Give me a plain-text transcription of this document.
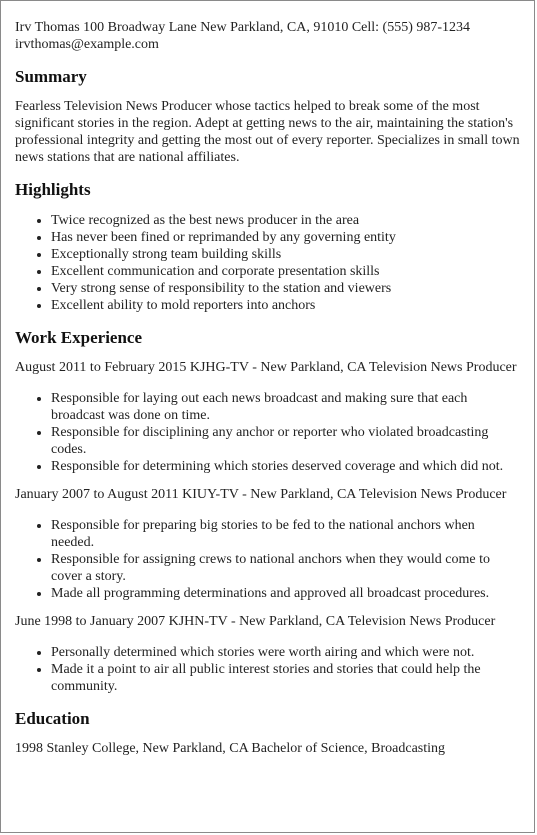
Irv Thomas 100 Broadway Lane New Parkland, CA, 91010 Cell: (555) 987-1234
irvthomas@example.com
Summary

Fearless Television News Producer whose tactics helped to break some of the most significant stories in the region. Adept at getting news to the air, maintaining the station's professional integrity and getting the most out of every reporter. Specializes in small town news stations that are national affiliates.

Highlights
• Twice recognized as the best news producer in the area
• Has never been fined or reprimanded by any governing entity
• Exceptionally strong team building skills
• Excellent communication and corporate presentation skills
• Very strong sense of responsibility to the station and viewers
• Excellent ability to mold reporters into anchors
Work Experience
August 2011 to February 2015 KJHG-TV - New Parkland, CA Television News Producer
• Responsible for laying out each news broadcast and making sure that each broadcast was done on time.
• Responsible for disciplining any anchor or reporter who violated broadcasting codes.
• Responsible for determining which stories deserved coverage and which did not.
January 2007 to August 2011 KIUY-TV - New Parkland, CA Television News Producer
• Responsible for preparing big stories to be fed to the national anchors when needed.
• Responsible for assigning crews to national anchors when they would come to cover a story.
• Made all programming determinations and approved all broadcast procedures.
June 1998 to January 2007 KJHN-TV - New Parkland, CA Television News Producer
• Personally determined which stories were worth airing and which were not.
• Made it a point to air all public interest stories and stories that could help the community.
Education

1998 Stanley College, New Parkland, CA Bachelor of Science, Broadcasting
